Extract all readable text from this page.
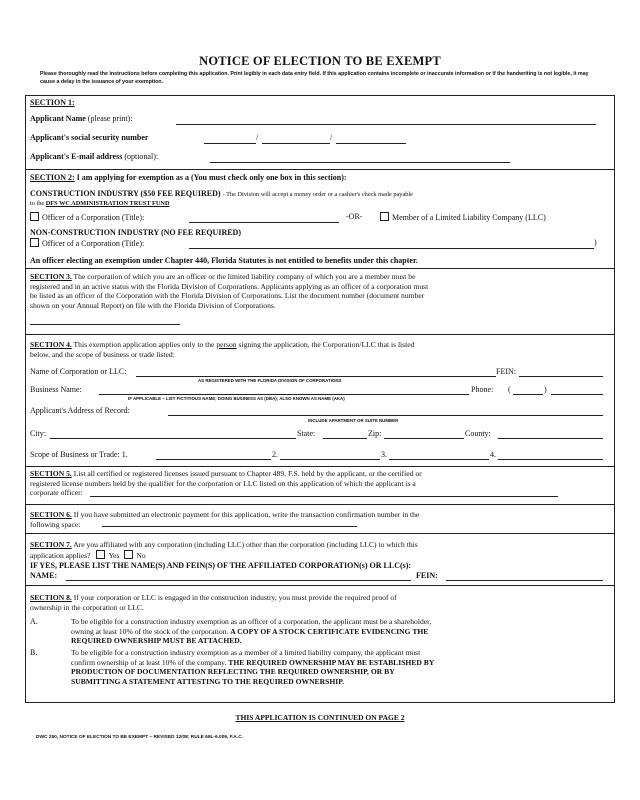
NOTICE OF ELECTION TO BE EXEMPT
Please thoroughly read the instructions before completing this application. Print legibly in each data entry field. If this application contains incomplete or inaccurate information or if the handwriting is not legible, it may cause a delay in the issuance of your exemption.
SECTION 1:
Applicant Name (please print):
Applicant's social security number	/	/
Applicant's E-mail address (optional):
SECTION 2: I am applying for exemption as a (You must check only one box in this section):
CONSTRUCTION INDUSTRY ($50 FEE REQUIRED) - The Division will accept a money order or a cashier's check made payable
to the DFS WC ADMINISTRATION TRUST FUND
Officer of a Corporation (Title):	-OR-	Member of a Limited Liability Company (LLC)
NON-CONSTRUCTION INDUSTRY (NO FEE REQUIRED)
Officer of a Corporation (Title):	)
An officer electing an exemption under Chapter 440, Florida Statutes is not entitled to benefits under this chapter.
SECTION 3. The corporation of which you are an officer or the limited liability company of which you are a member must be
registered and in an active status with the Florida Division of Corporations. Applicants applying as an officer of a corporation must
be listed as an officer of the Corporation with the Florida Division of Corporations. List the document number (document number
shown on your Annual Report) on file with the Florida Division of Corporations.
SECTION 4. This exemption application applies only to the person signing the application, the Corporation/LLC that is listed
below, and the scope of business or trade listed:
Name of Corporation or LLC:	FEIN:
AS REGISTERED WITH THE FLORIDA DIVISION OF CORPORATIONS
Business Name:	Phone: (	)
IF APPLICABLE – LIST FICTITIOUS NAME; DOING BUSINESS AS (DBA); ALSO KNOWN AS NAME (AKA)
Applicant's Address of Record:
INCLUDE APARTMENT OR SUITE NUMBER
City:	State:	Zip:	County:
Scope of Business or Trade: 1.	2.	3.	4.
SECTION 5. List all certified or registered licenses issued pursuant to Chapter 489, F.S. held by the applicant, or the certified or
registered license numbers held by the qualifier for the corporation or LLC listed on this application of which the applicant is a
corporate officer:
SECTION 6. If you have submitted an electronic payment for this application, write the transaction confirmation number in the
following space:
SECTION 7. Are you affiliated with any corporation (including LLC) other than the corporation (including LLC) to which this
application applies? Yes No
IF YES, PLEASE LIST THE NAME(S) AND FEIN(S) OF THE AFFILIATED CORPORATION(s) OR LLC(s):
NAME:	FEIN:
SECTION 8. If your corporation or LLC is engaged in the construction industry, you must provide the required proof of
ownership in the corporation or LLC.
A.	To be eligible for a construction industry exemption as an officer of a corporation, the applicant must be a shareholder,
owning at least 10% of the stock of the corporation. A COPY OF A STOCK CERTIFICATE EVIDENCING THE
REQUIRED OWNERSHIP MUST BE ATTACHED.
B.	To be eligible for a construction industry exemption as a member of a limited liability company, the applicant must
confirm ownership of at least 10% of the company. THE REQUIRED OWNERSHIP MAY BE ESTABLISHED BY
PRODUCTION OF DOCUMENTATION REFLECTING THE REQUIRED OWNERSHIP, OR BY
SUBMITTING A STATEMENT ATTESTING TO THE REQUIRED OWNERSHIP.
THIS APPLICATION IS CONTINUED ON PAGE 2
DWC 250, NOTICE OF ELECTION TO BE EXEMPT – REVISED 12/08; RULE 69L-6.009, F.A.C.
